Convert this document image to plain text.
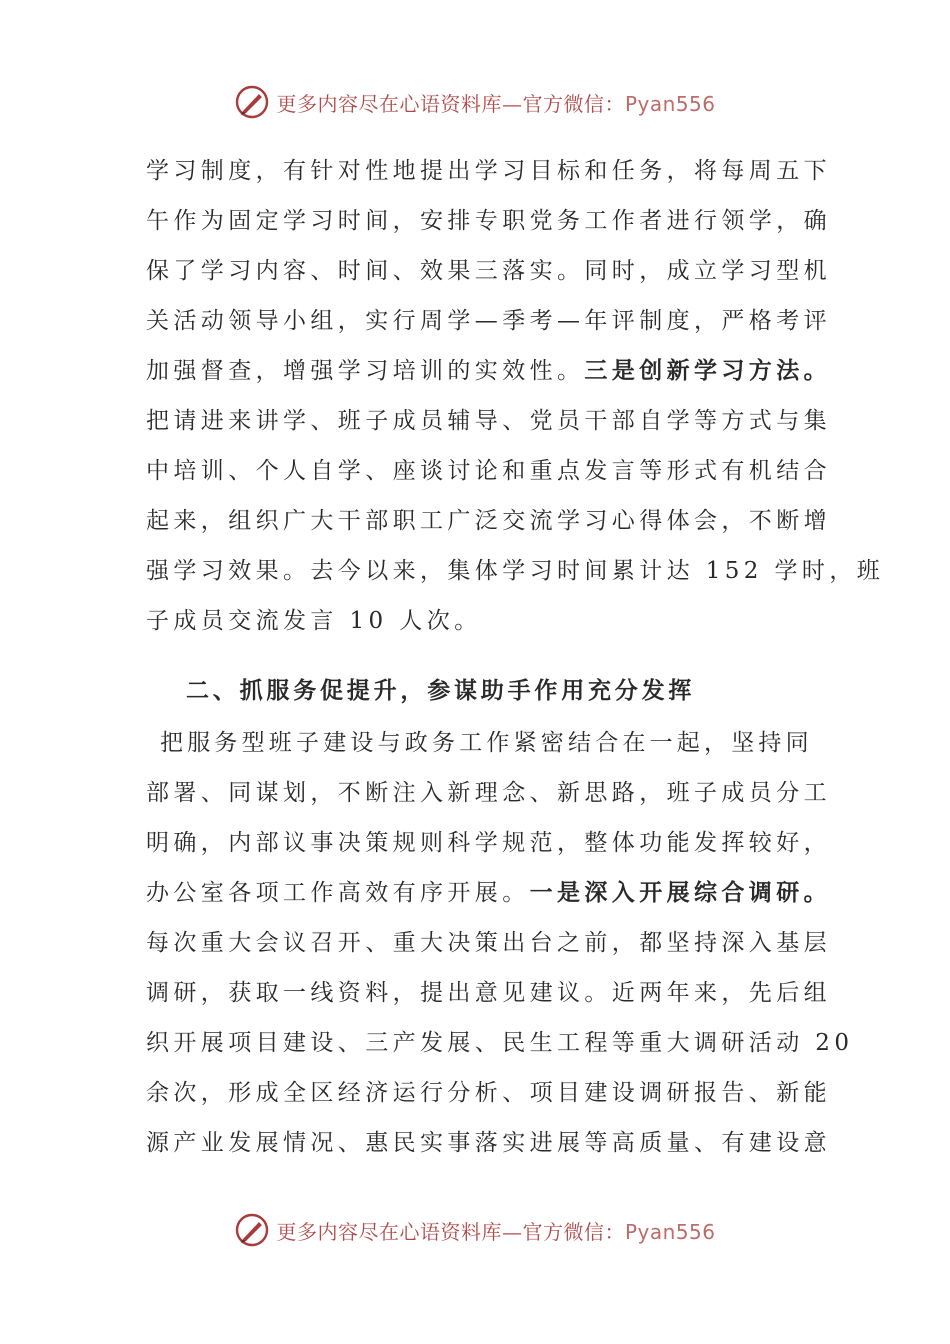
更多内容尽在心语资料库—官方微信：Pyan556
学习制度，有针对性地提出学习目标和任务，将每周五下
午作为固定学习时间，安排专职党务工作者进行领学，确
保了学习内容、时间、效果三落实。同时，成立学习型机
关活动领导小组，实行周学—季考—年评制度，严格考评
加强督查，增强学习培训的实效性。三是创新学习方法。
把请进来讲学、班子成员辅导、党员干部自学等方式与集
中培训、个人自学、座谈讨论和重点发言等形式有机结合
起来，组织广大干部职工广泛交流学习心得体会，不断增
强学习效果。去今以来，集体学习时间累计达 152 学时，班
子成员交流发言 10 人次。
二、抓服务促提升，参谋助手作用充分发挥
把服务型班子建设与政务工作紧密结合在一起，坚持同
部署、同谋划，不断注入新理念、新思路，班子成员分工
明确，内部议事决策规则科学规范，整体功能发挥较好，
办公室各项工作高效有序开展。一是深入开展综合调研。
每次重大会议召开、重大决策出台之前，都坚持深入基层
调研，获取一线资料，提出意见建议。近两年来，先后组
织开展项目建设、三产发展、民生工程等重大调研活动 20
余次，形成全区经济运行分析、项目建设调研报告、新能
源产业发展情况、惠民实事落实进展等高质量、有建设意
更多内容尽在心语资料库—官方微信：Pyan556
